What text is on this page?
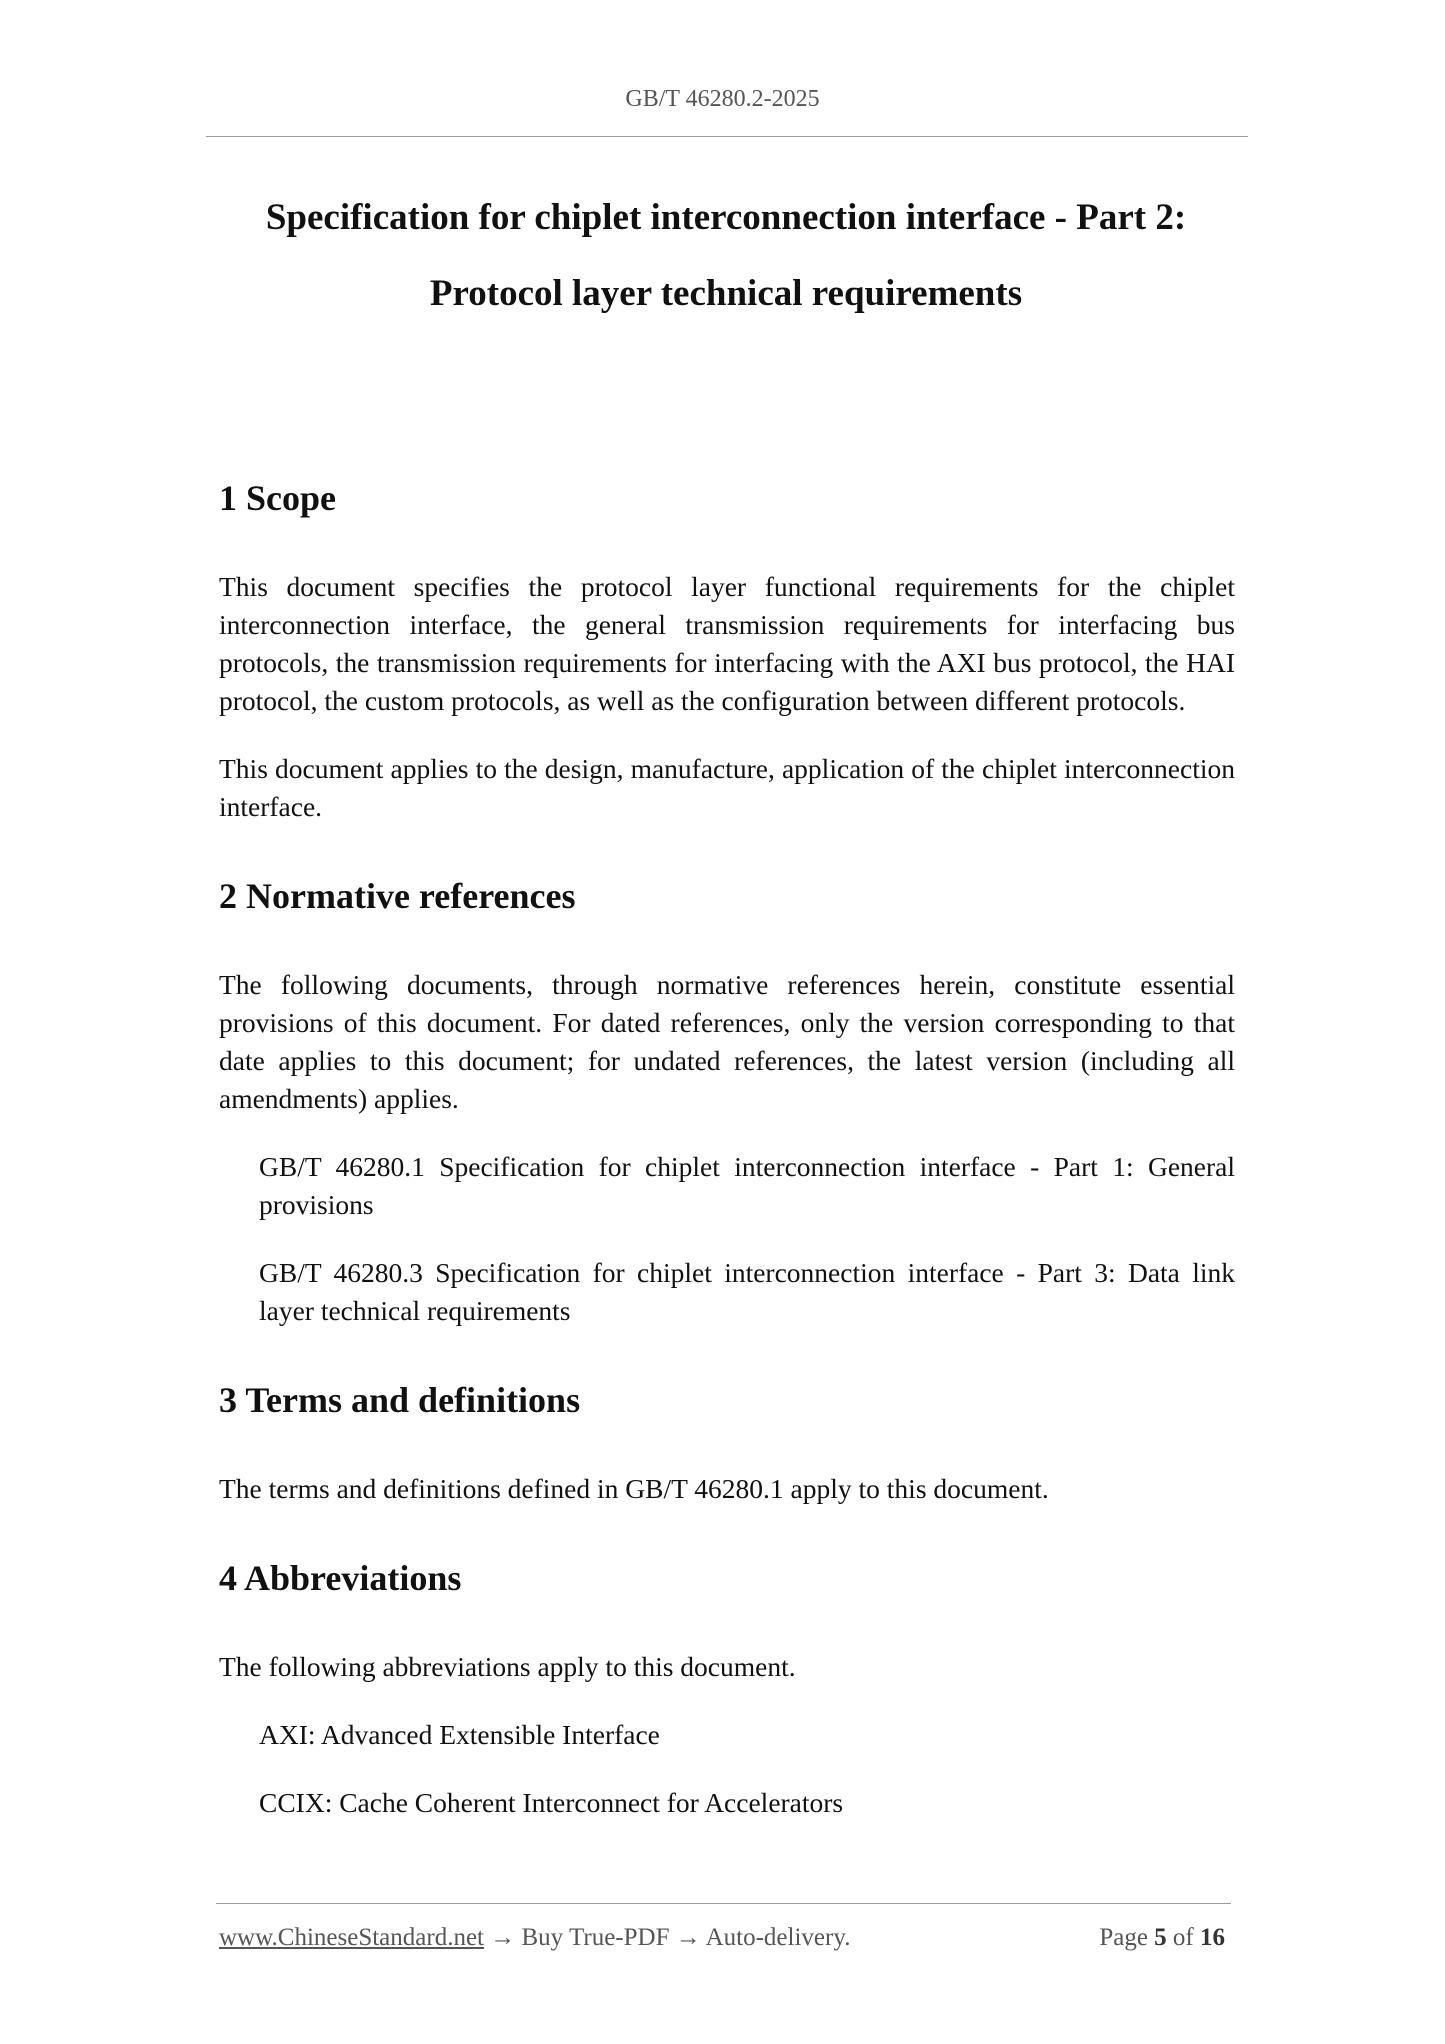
GB/T 46280.2-2025
Specification for chiplet interconnection interface - Part 2:
Protocol layer technical requirements
1 Scope

This document specifies the protocol layer functional requirements for the chiplet interconnection interface, the general transmission requirements for interfacing bus protocols, the transmission requirements for interfacing with the AXI bus protocol, the HAI protocol, the custom protocols, as well as the configuration between different protocols.

This document applies to the design, manufacture, application of the chiplet interconnection interface.

2 Normative references

The following documents, through normative references herein, constitute essential provisions of this document. For dated references, only the version corresponding to that date applies to this document; for undated references, the latest version (including all amendments) applies.

GB/T 46280.1 Specification for chiplet interconnection interface - Part 1: General provisions

GB/T 46280.3 Specification for chiplet interconnection interface - Part 3: Data link layer technical requirements

3 Terms and definitions

The terms and definitions defined in GB/T 46280.1 apply to this document.

4 Abbreviations

The following abbreviations apply to this document.

AXI: Advanced Extensible Interface

CCIX: Cache Coherent Interconnect for Accelerators

www.ChineseStandard.net → Buy True-PDF → Auto-delivery.	Page 5 of 16
